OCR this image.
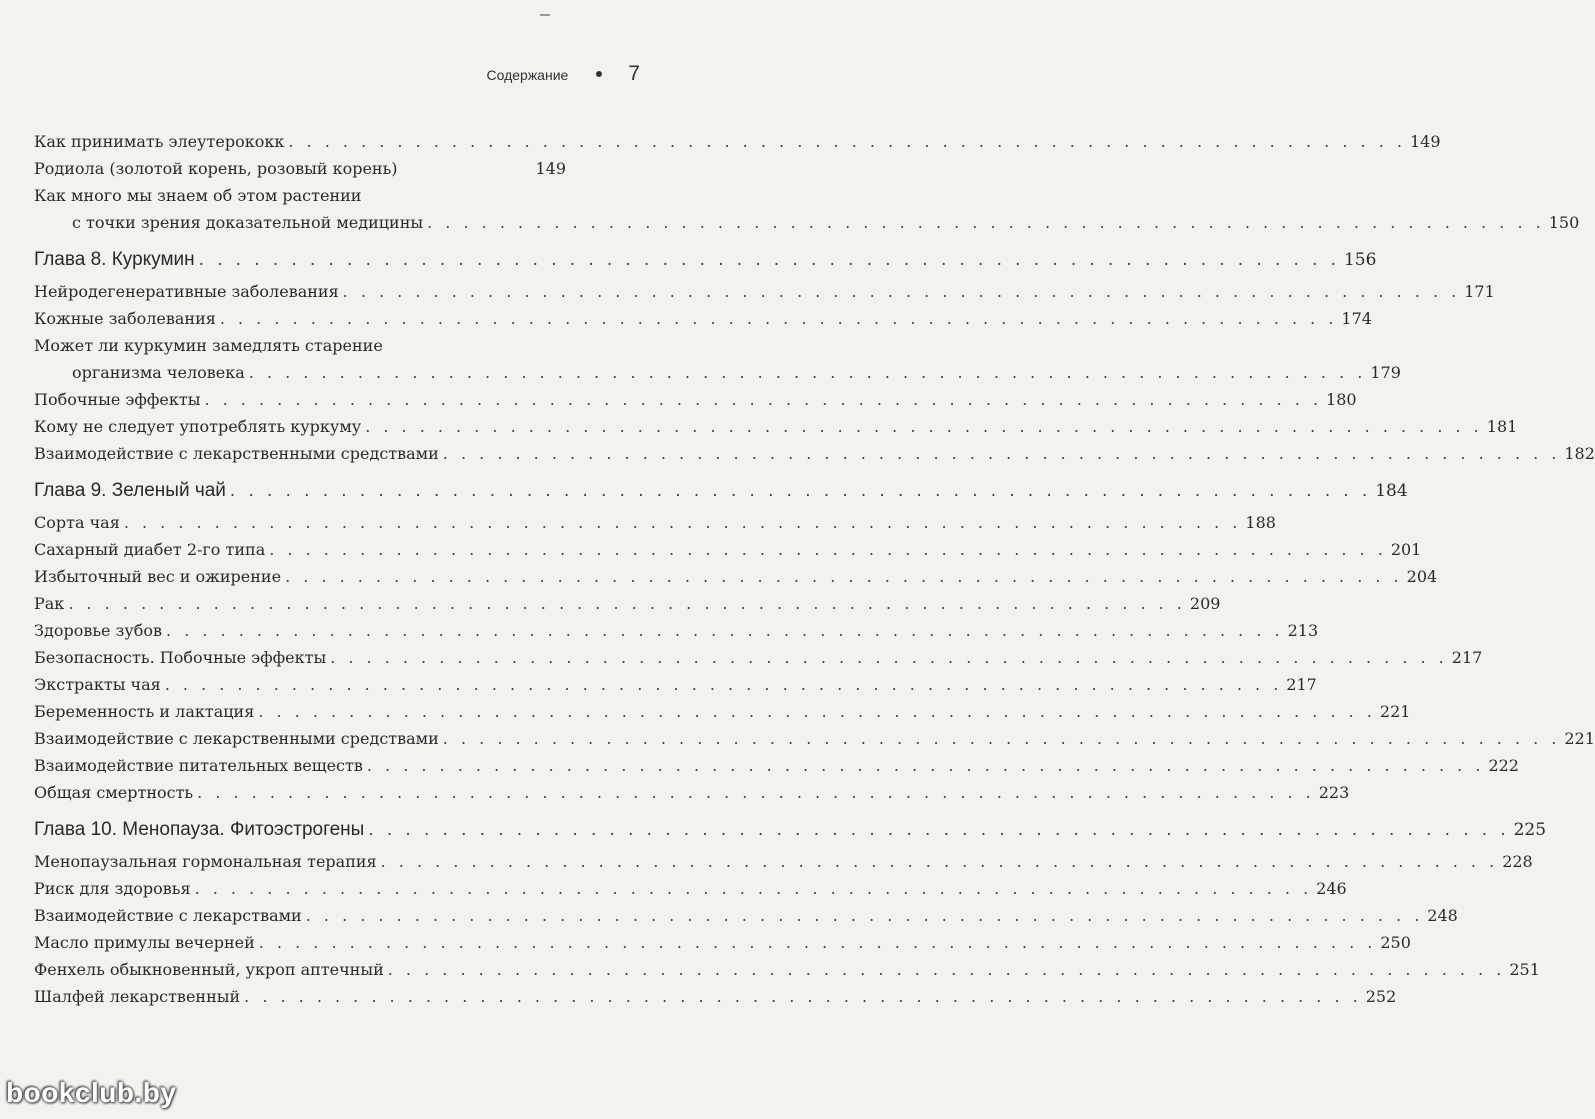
Содержание	7
Как принимать элеутерококк . . . . . . . . . . . . . . . . . . . . . . . . . . . . . . . . . . . . . . . . . . . . . . . . . . . . . . . . . . . . . . 149
Родиола (золотой корень, розовый корень)	149
Как много мы знаем об этом растении
с точки зрения доказательной медицины . . . . . . . . . . . . . . . . . . . . . . . . . . . . . . . . . . . . . . . . . . . . . . . . . . . . . . . . . . . . . . 150
Глава 8. Куркумин . . . . . . . . . . . . . . . . . . . . . . . . . . . . . . . . . . . . . . . . . . . . . . . . . . . . . . . . . . . . . . 156
Нейродегенеративные заболевания . . . . . . . . . . . . . . . . . . . . . . . . . . . . . . . . . . . . . . . . . . . . . . . . . . . . . . . . . . . . . . 171
Кожные заболевания . . . . . . . . . . . . . . . . . . . . . . . . . . . . . . . . . . . . . . . . . . . . . . . . . . . . . . . . . . . . . . 174
Может ли куркумин замедлять старение
организма человека . . . . . . . . . . . . . . . . . . . . . . . . . . . . . . . . . . . . . . . . . . . . . . . . . . . . . . . . . . . . . . 179
Побочные эффекты . . . . . . . . . . . . . . . . . . . . . . . . . . . . . . . . . . . . . . . . . . . . . . . . . . . . . . . . . . . . . . 180
Кому не следует употреблять куркуму . . . . . . . . . . . . . . . . . . . . . . . . . . . . . . . . . . . . . . . . . . . . . . . . . . . . . . . . . . . . . . 181
Взаимодействие с лекарственными средствами . . . . . . . . . . . . . . . . . . . . . . . . . . . . . . . . . . . . . . . . . . . . . . . . . . . . . . . . . . . . . . 182
Глава 9. Зеленый чай . . . . . . . . . . . . . . . . . . . . . . . . . . . . . . . . . . . . . . . . . . . . . . . . . . . . . . . . . . . . . . 184
Сорта чая . . . . . . . . . . . . . . . . . . . . . . . . . . . . . . . . . . . . . . . . . . . . . . . . . . . . . . . . . . . . . . 188
Сахарный диабет 2-го типа . . . . . . . . . . . . . . . . . . . . . . . . . . . . . . . . . . . . . . . . . . . . . . . . . . . . . . . . . . . . . . 201
Избыточный вес и ожирение . . . . . . . . . . . . . . . . . . . . . . . . . . . . . . . . . . . . . . . . . . . . . . . . . . . . . . . . . . . . . . 204
Рак . . . . . . . . . . . . . . . . . . . . . . . . . . . . . . . . . . . . . . . . . . . . . . . . . . . . . . . . . . . . . . 209
Здоровье зубов . . . . . . . . . . . . . . . . . . . . . . . . . . . . . . . . . . . . . . . . . . . . . . . . . . . . . . . . . . . . . . 213
Безопасность. Побочные эффекты . . . . . . . . . . . . . . . . . . . . . . . . . . . . . . . . . . . . . . . . . . . . . . . . . . . . . . . . . . . . . . 217
Экстракты чая . . . . . . . . . . . . . . . . . . . . . . . . . . . . . . . . . . . . . . . . . . . . . . . . . . . . . . . . . . . . . . 217
Беременность и лактация . . . . . . . . . . . . . . . . . . . . . . . . . . . . . . . . . . . . . . . . . . . . . . . . . . . . . . . . . . . . . . 221
Взаимодействие с лекарственными средствами . . . . . . . . . . . . . . . . . . . . . . . . . . . . . . . . . . . . . . . . . . . . . . . . . . . . . . . . . . . . . . 221
Взаимодействие питательных веществ . . . . . . . . . . . . . . . . . . . . . . . . . . . . . . . . . . . . . . . . . . . . . . . . . . . . . . . . . . . . . . 222
Общая смертность . . . . . . . . . . . . . . . . . . . . . . . . . . . . . . . . . . . . . . . . . . . . . . . . . . . . . . . . . . . . . . 223
Глава 10. Менопауза. Фитоэстрогены . . . . . . . . . . . . . . . . . . . . . . . . . . . . . . . . . . . . . . . . . . . . . . . . . . . . . . . . . . . . . . 225
Менопаузальная гормональная терапия . . . . . . . . . . . . . . . . . . . . . . . . . . . . . . . . . . . . . . . . . . . . . . . . . . . . . . . . . . . . . . 228
Риск для здоровья . . . . . . . . . . . . . . . . . . . . . . . . . . . . . . . . . . . . . . . . . . . . . . . . . . . . . . . . . . . . . . 246
Взаимодействие с лекарствами . . . . . . . . . . . . . . . . . . . . . . . . . . . . . . . . . . . . . . . . . . . . . . . . . . . . . . . . . . . . . . 248
Масло примулы вечерней . . . . . . . . . . . . . . . . . . . . . . . . . . . . . . . . . . . . . . . . . . . . . . . . . . . . . . . . . . . . . . 250
Фенхель обыкновенный, укроп аптечный . . . . . . . . . . . . . . . . . . . . . . . . . . . . . . . . . . . . . . . . . . . . . . . . . . . . . . . . . . . . . . 251
Шалфей лекарственный . . . . . . . . . . . . . . . . . . . . . . . . . . . . . . . . . . . . . . . . . . . . . . . . . . . . . . . . . . . . . . 252
bookclub.by
